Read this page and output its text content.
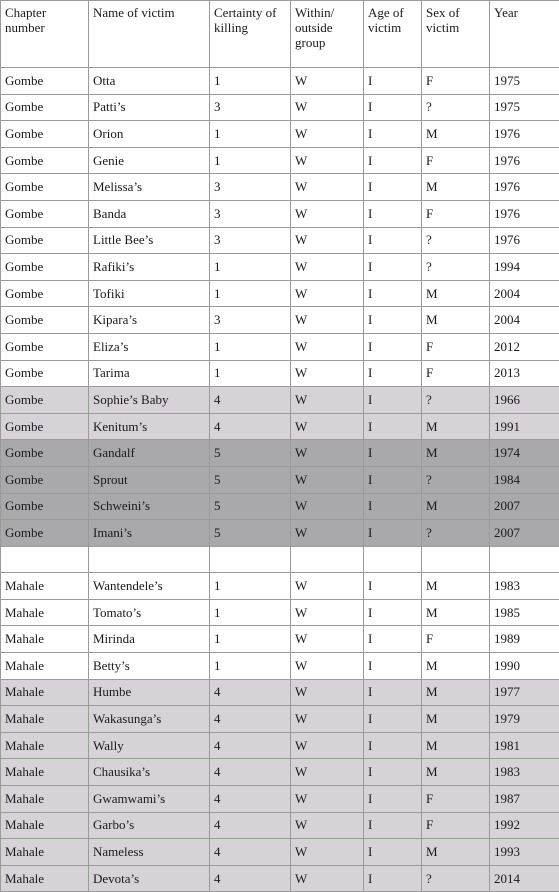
Chapter number	Name of victim	Certainty of killing	Within/ outside group	Age of victim	Sex of victim	Year
Gombe	Otta	1	W	I	F	1975
Gombe	Patti’s	3	W	I	?	1975
Gombe	Orion	1	W	I	M	1976
Gombe	Genie	1	W	I	F	1976
Gombe	Melissa’s	3	W	I	M	1976
Gombe	Banda	3	W	I	F	1976
Gombe	Little Bee’s	3	W	I	?	1976
Gombe	Rafiki’s	1	W	I	?	1994
Gombe	Tofiki	1	W	I	M	2004
Gombe	Kipara’s	3	W	I	M	2004
Gombe	Eliza’s	1	W	I	F	2012
Gombe	Tarima	1	W	I	F	2013
Gombe	Sophie’s Baby	4	W	I	?	1966
Gombe	Kenitum’s	4	W	I	M	1991
Gombe	Gandalf	5	W	I	M	1974
Gombe	Sprout	5	W	I	?	1984
Gombe	Schweini’s	5	W	I	M	2007
Gombe	Imani’s	5	W	I	?	2007

Mahale	Wantendele’s	1	W	I	M	1983
Mahale	Tomato’s	1	W	I	M	1985
Mahale	Mirinda	1	W	I	F	1989
Mahale	Betty’s	1	W	I	M	1990
Mahale	Humbe	4	W	I	M	1977
Mahale	Wakasunga’s	4	W	I	M	1979
Mahale	Wally	4	W	I	M	1981
Mahale	Chausika’s	4	W	I	M	1983
Mahale	Gwamwami’s	4	W	I	F	1987
Mahale	Garbo’s	4	W	I	F	1992
Mahale	Nameless	4	W	I	M	1993
Mahale	Devota’s	4	W	I	?	2014
